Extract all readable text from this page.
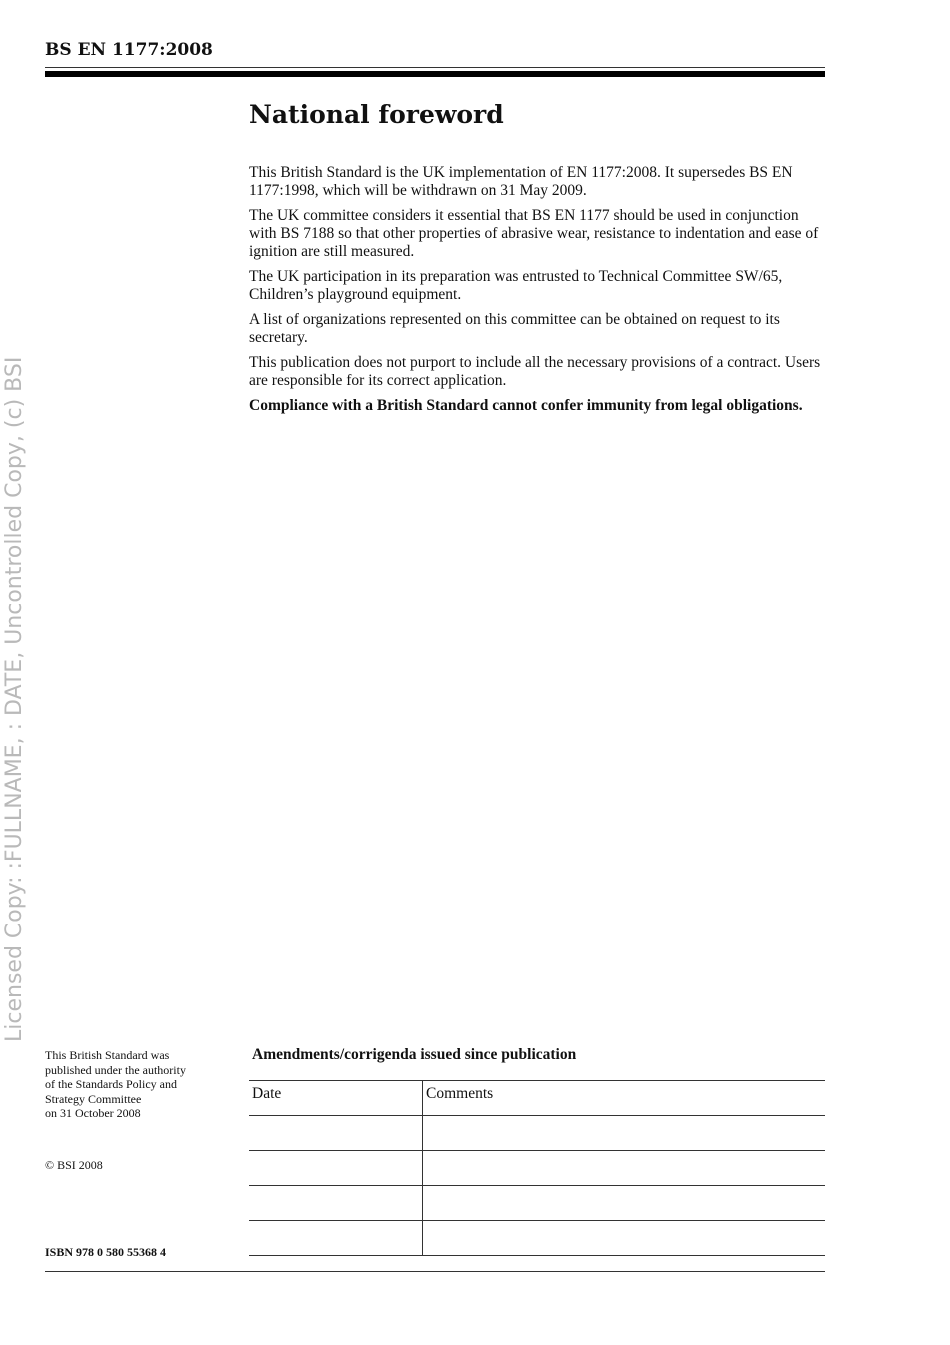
BS EN 1177:2008
Licensed Copy: :FULLNAME, : DATE, Uncontrolled Copy, (c) BSI
National foreword

This British Standard is the UK implementation of EN 1177:2008. It supersedes BS EN 1177:1998, which will be withdrawn on 31 May 2009.

The UK committee considers it essential that BS EN 1177 should be used in conjunction with BS 7188 so that other properties of abrasive wear, resistance to indentation and ease of ignition are still measured.

The UK participation in its preparation was entrusted to Technical Committee SW/65, Children’s playground equipment.

A list of organizations represented on this committee can be obtained on request to its secretary.

This publication does not purport to include all the necessary provisions of a contract. Users are responsible for its correct application.

Compliance with a British Standard cannot confer immunity from legal obligations.

This British Standard was
published under the authority
of the Standards Policy and
Strategy Committee
on 31 October 2008
© BSI 2008
ISBN 978 0 580 55368 4
Amendments/corrigenda issued since publication
Date	Comments
